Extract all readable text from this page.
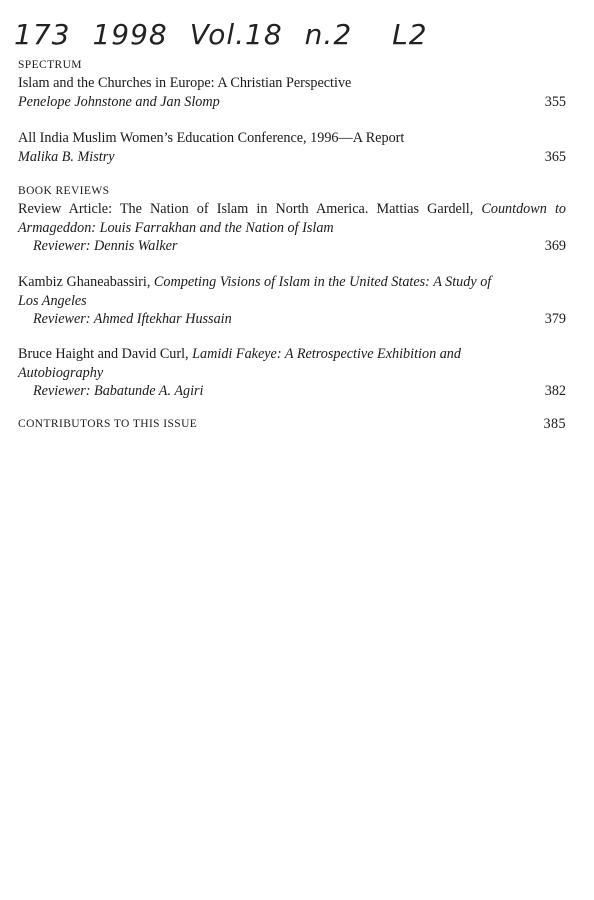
173 1998 Vol.18 n.2 L2
SPECTRUM
Islam and the Churches in Europe: A Christian Perspective
Penelope Johnstone and Jan Slomp	355
All India Muslim Women’s Education Conference, 1996—A Report
Malika B. Mistry	365
BOOK REVIEWS
Review Article: The Nation of Islam in North America. Mattias Gardell, Countdown to Armageddon: Louis Farrakhan and the Nation of Islam
Reviewer: Dennis Walker	369
Kambiz Ghaneabassiri, Competing Visions of Islam in the United States: A Study of Los Angeles
Reviewer: Ahmed Iftekhar Hussain	379
Bruce Haight and David Curl, Lamidi Fakeye: A Retrospective Exhibition and Autobiography
Reviewer: Babatunde A. Agiri	382
CONTRIBUTORS TO THIS ISSUE	385
